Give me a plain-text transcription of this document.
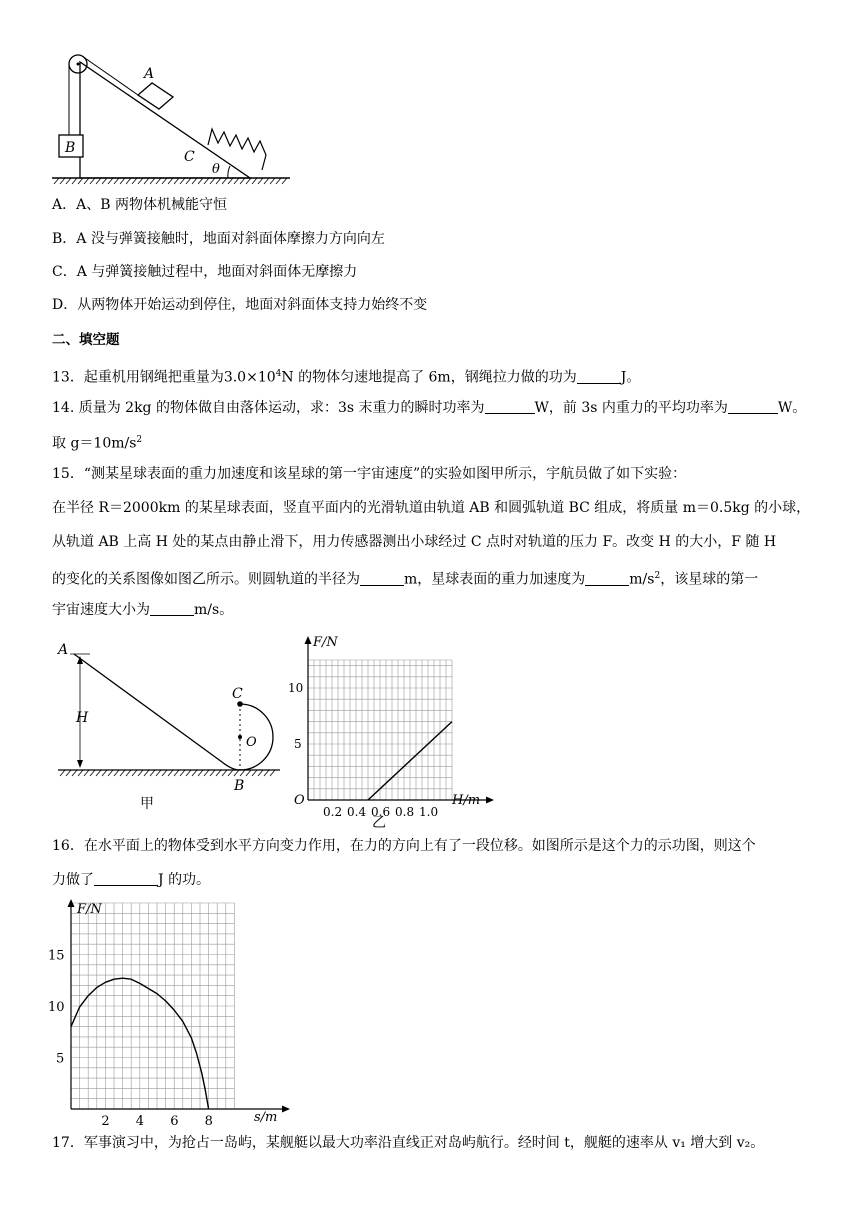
B
A
C
θ
A．A、B 两物体机械能守恒
B．A 没与弹簧接触时，地面对斜面体摩擦力方向向左
C．A 与弹簧接触过程中，地面对斜面体无摩擦力
D．从两物体开始运动到停住，地面对斜面体支持力始终不变
二、填空题
13．起重机用钢绳把重量为$3.0\times 10^4N$ 的物体匀速地提高了 6m，钢绳拉力做的功为	J。
14. 质量为 2kg 的物体做自由落体运动，求：3s 末重力的瞬时功率为	W，前 3s 内重力的平均功率为	W。
取 $g=10m/s^2$
15．“测某星球表面的重力加速度和该星球的第一宇宙速度”的实验如图甲所示，宇航员做了如下实验：
在半径 R＝2000km 的某星球表面，竖直平面内的光滑轨道由轨道 AB 和圆弧轨道 BC 组成，将质量 m＝0.5kg 的小球，
从轨道 AB 上高 H 处的某点由静止滑下，用力传感器测出小球经过 C 点时对轨道的压力 F。改变 H 的大小，F 随 H
的变化的关系图像如图乙所示。则圆轨道的半径为	m，星球表面的重力加速度为	$m/s^2$，该星球的第一
宇宙速度大小为	m/s。
A
H
C
O
B
甲
F/N
H/m
O
0.2 0.4 0.6 0.8 1.0
5
10
乙
16．在水平面上的物体受到水平方向变力作用，在力的方向上有了一段位移。如图所示是这个力的示功图，则这个
力做了	J 的功。
F/N
s/m
2 4 6 8
5
10
15
17．军事演习中，为抢占一岛屿，某舰艇以最大功率沿直线正对岛屿航行。经时间 t，舰艇的速率从 v₁ 增大到 v₂。
